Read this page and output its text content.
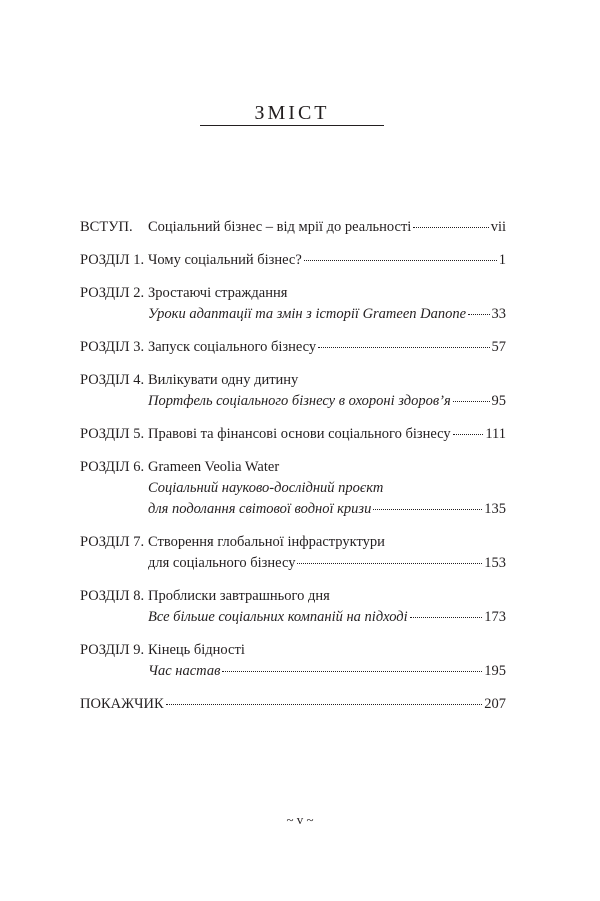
ЗМІСТ
ВСТУП.	Соціальний бізнес – від мрії до реальності	vii
РОЗДІЛ 1. Чому соціальний бізнес?	1
РОЗДІЛ 2. Зростаючі страждання
Уроки адаптації та змін з історії Grameen Danone 33
РОЗДІЛ 3. Запуск соціального бізнесу	57
РОЗДІЛ 4. Вилікувати одну дитину
Портфель соціального бізнесу в охороні здоров’я	95
РОЗДІЛ 5. Правові та фінансові основи соціального бізнесу 111
РОЗДІЛ 6. Grameen Veolia Water
Соціальний науково-дослідний проєкт
для подолання світової водної кризи	135
РОЗДІЛ 7. Створення глобальної інфраструктури
для соціального бізнесу	153
РОЗДІЛ 8. Проблиски завтрашнього дня
Все більше соціальних компаній на підході	173
РОЗДІЛ 9. Кінець бідності
Час настав	195
ПОКАЖЧИК	207
~ v ~
